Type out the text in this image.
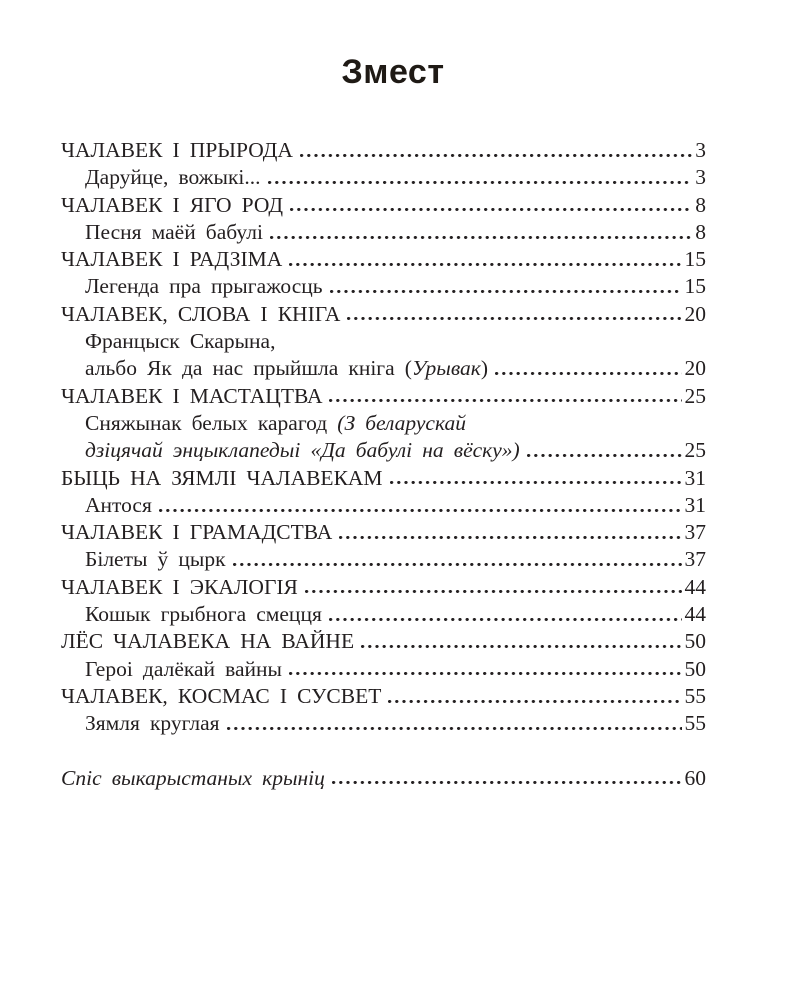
Змест
ЧАЛАВЕК І ПРЫРОДА	3
Даруйце, вожыкі...	3
ЧАЛАВЕК І ЯГО РОД	8
Песня маёй бабулі	8
ЧАЛАВЕК І РАДЗІМА	15
Легенда пра прыгажосць	15
ЧАЛАВЕК, СЛОВА І КНІГА	20
Францыск Скарына,
альбо Як да нас прыйшла кніга (Урывак)	20
ЧАЛАВЕК І МАСТАЦТВА	25
Сняжынак белых карагод (З беларускай
дзіцячай энцыклапедыі «Да бабулі на вёску»)	25
БЫЦЬ НА ЗЯМЛІ ЧАЛАВЕКАМ	31
Антося	31
ЧАЛАВЕК І ГРАМАДСТВА	37
Білеты ў цырк	37
ЧАЛАВЕК І ЭКАЛОГІЯ	44
Кошык грыбнога смецця	44
ЛЁС ЧАЛАВЕКА НА ВАЙНЕ	50
Героі далёкай вайны	50
ЧАЛАВЕК, КОСМАС І СУСВЕТ	55
Зямля круглая	55
Спіс выкарыстаных крыніц	60
